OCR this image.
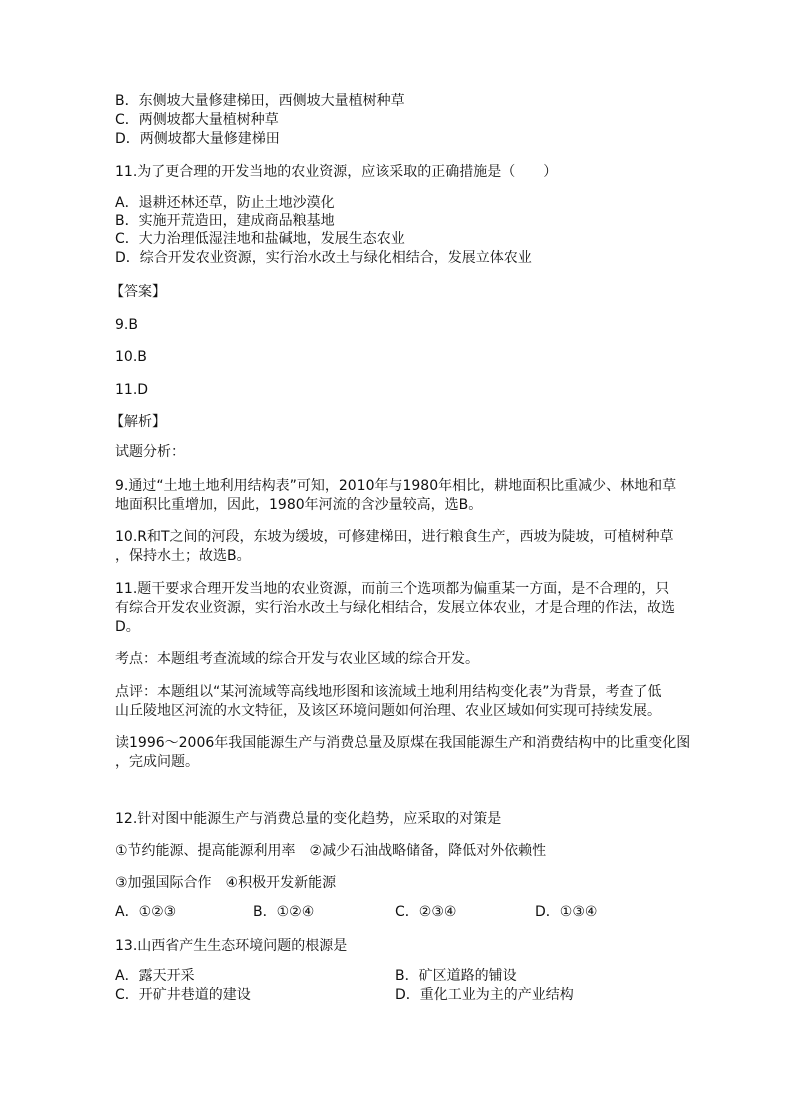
B．东侧坡大量修建梯田，西侧坡大量植树种草
C．两侧坡都大量植树种草
D．两侧坡都大量修建梯田
11.为了更合理的开发当地的农业资源，应该采取的正确措施是（　　）
A．退耕还林还草，防止土地沙漠化
B．实施开荒造田，建成商品粮基地
C．大力治理低湿洼地和盐碱地，发展生态农业
D．综合开发农业资源，实行治水改土与绿化相结合，发展立体农业
【答案】
9.B
10.B
11.D
【解析】
试题分析：
9.通过“土地土地利用结构表”可知，2010年与1980年相比，耕地面积比重减少、林地和草
地面积比重增加，因此，1980年河流的含沙量较高，选B。
10.R和T之间的河段，东坡为缓坡，可修建梯田，进行粮食生产，西坡为陡坡，可植树种草
，保持水土；故选B。
11.题干要求合理开发当地的农业资源，而前三个选项都为偏重某一方面，是不合理的，只
有综合开发农业资源，实行治水改土与绿化相结合，发展立体农业，才是合理的作法，故选
D。
考点：本题组考查流域的综合开发与农业区域的综合开发。
点评：本题组以“某河流域等高线地形图和该流域土地利用结构变化表”为背景，考查了低
山丘陵地区河流的水文特征，及该区环境问题如何治理、农业区域如何实现可持续发展。
读1996～2006年我国能源生产与消费总量及原煤在我国能源生产和消费结构中的比重变化图
，完成问题。
12.针对图中能源生产与消费总量的变化趋势，应采取的对策是
①节约能源、提高能源利用率　②减少石油战略储备，降低对外依赖性
③加强国际合作　④积极开发新能源
A．①②③	B．①②④	C．②③④	D．①③④
13.山西省产生生态环境问题的根源是
A．露天开采	B．矿区道路的铺设
C．开矿井巷道的建设	D．重化工业为主的产业结构
